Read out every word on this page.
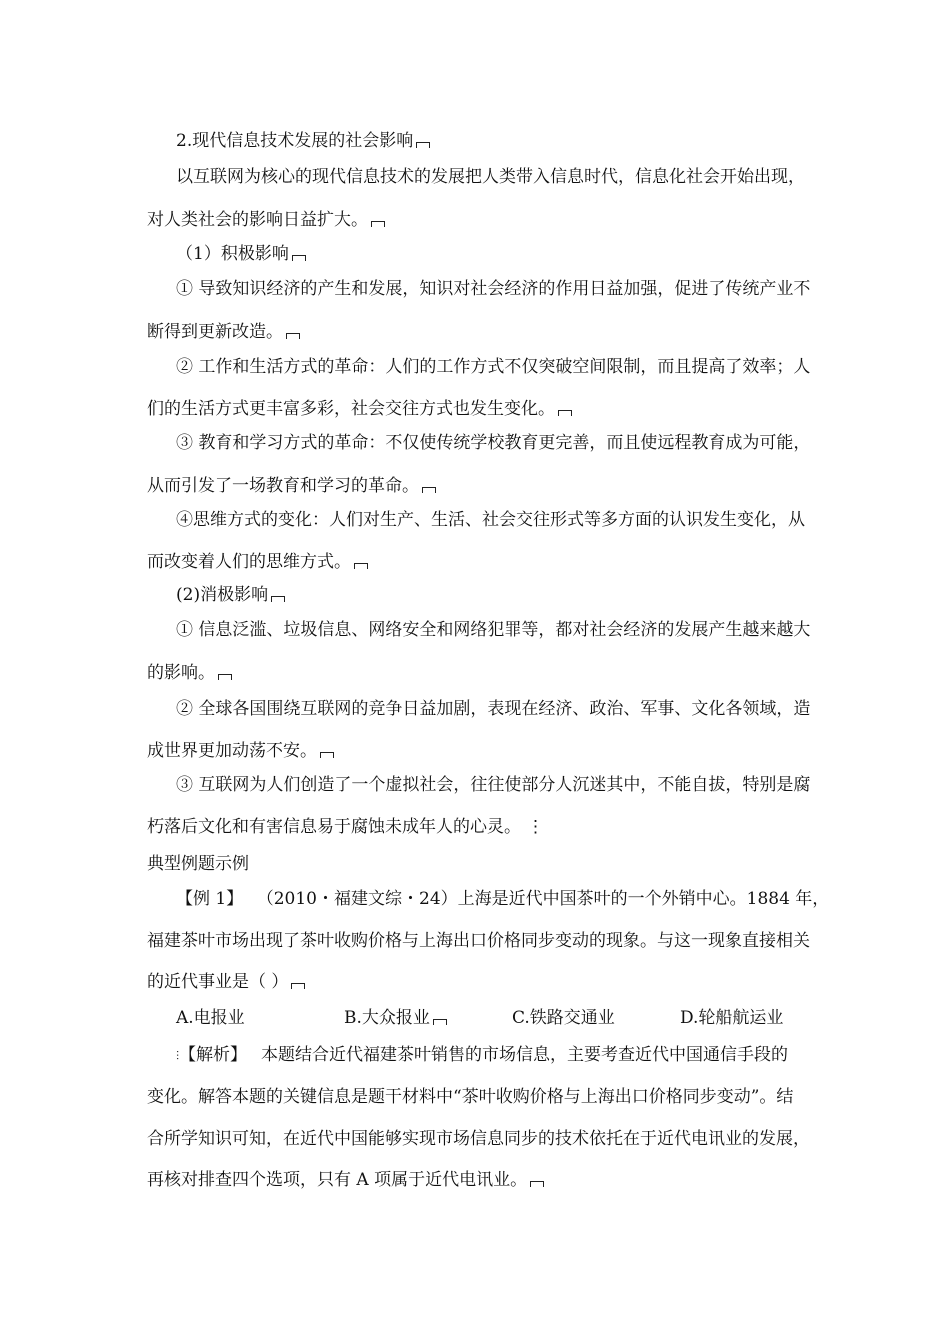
2.现代信息技术发展的社会影响
以互联网为核心的现代信息技术的发展把人类带入信息时代，信息化社会开始出现，
对人类社会的影响日益扩大。
（1）积极影响
① 导致知识经济的产生和发展，知识对社会经济的作用日益加强，促进了传统产业不
断得到更新改造。
② 工作和生活方式的革命：人们的工作方式不仅突破空间限制，而且提高了效率；人
们的生活方式更丰富多彩，社会交往方式也发生变化。
③ 教育和学习方式的革命：不仅使传统学校教育更完善，而且使远程教育成为可能，
从而引发了一场教育和学习的革命。
④思维方式的变化：人们对生产、生活、社会交往形式等多方面的认识发生变化，从
而改变着人们的思维方式。
(2)消极影响
① 信息泛滥、垃圾信息、网络安全和网络犯罪等，都对社会经济的发展产生越来越大
的影响。
② 全球各国围绕互联网的竞争日益加剧，表现在经济、政治、军事、文化各领域，造
成世界更加动荡不安。
③ 互联网为人们创造了一个虚拟社会，往往使部分人沉迷其中，不能自拔，特别是腐
朽落后文化和有害信息易于腐蚀未成年人的心灵。 ⋮
典型例题示例
【例 1】 （2010・福建文综・24）上海是近代中国茶叶的一个外销中心。1884 年，
福建茶叶市场出现了茶叶收购价格与上海出口价格同步变动的现象。与这一现象直接相关
的近代事业是（ ）
A.电报业	B.大众报业	C.铁路交通业	D.轮船航运业
⫶【解析】 本题结合近代福建茶叶销售的市场信息，主要考查近代中国通信手段的
变化。解答本题的关键信息是题干材料中“茶叶收购价格与上海出口价格同步变动”。结
合所学知识可知，在近代中国能够实现市场信息同步的技术依托在于近代电讯业的发展，
再核对排查四个选项，只有 A 项属于近代电讯业。
